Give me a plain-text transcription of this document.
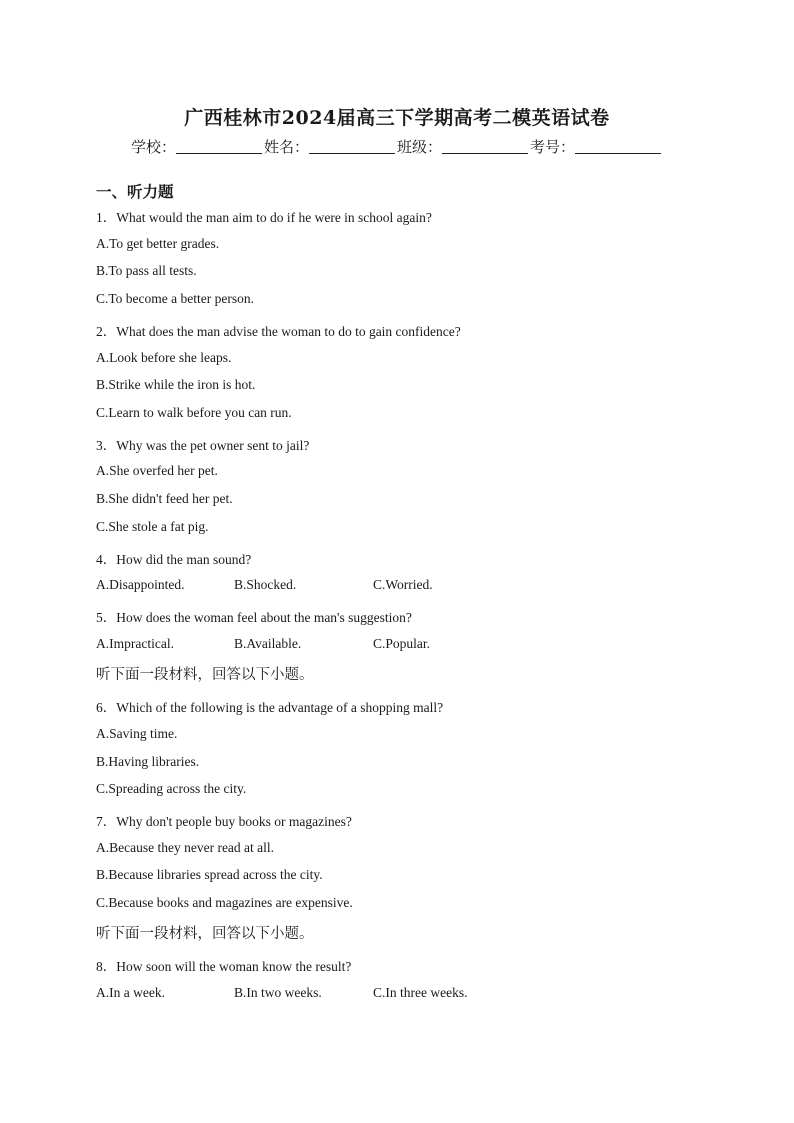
广西桂林市2024届高三下学期高考二模英语试卷
学校：	姓名：	班级：	考号：
一、听力题
1．What would the man aim to do if he were in school again?
A.To get better grades.
B.To pass all tests.
C.To become a better person.
2．What does the man advise the woman to do to gain confidence?
A.Look before she leaps.
B.Strike while the iron is hot.
C.Learn to walk before you can run.
3．Why was the pet owner sent to jail?
A.She overfed her pet.
B.She didn't feed her pet.
C.She stole a fat pig.
4．How did the man sound?
A.Disappointed.	B.Shocked.	C.Worried.
5．How does the woman feel about the man's suggestion?
A.Impractical.	B.Available.	C.Popular.
听下面一段材料，回答以下小题。
6．Which of the following is the advantage of a shopping mall?
A.Saving time.
B.Having libraries.
C.Spreading across the city.
7．Why don't people buy books or magazines?
A.Because they never read at all.
B.Because libraries spread across the city.
C.Because books and magazines are expensive.
听下面一段材料，回答以下小题。
8．How soon will the woman know the result?
A.In a week.	B.In two weeks.	C.In three weeks.
